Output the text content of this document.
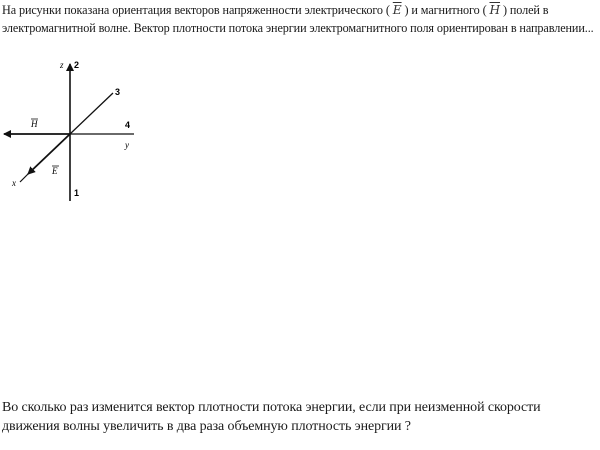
На рисунки показана ориентация векторов напряженности электрического ( $\overline{E}$ ) и магнитного ( $\overline{H}$ ) полей в электромагнитной волне. Вектор плотности потока энергии электромагнитного поля ориентирован в направлении...
z 2
3
4
y
H
E
x
1
Во сколько раз изменится вектор плотности потока энергии, если при неизменной скорости движения волны увеличить в два раза объемную плотность энергии ?
